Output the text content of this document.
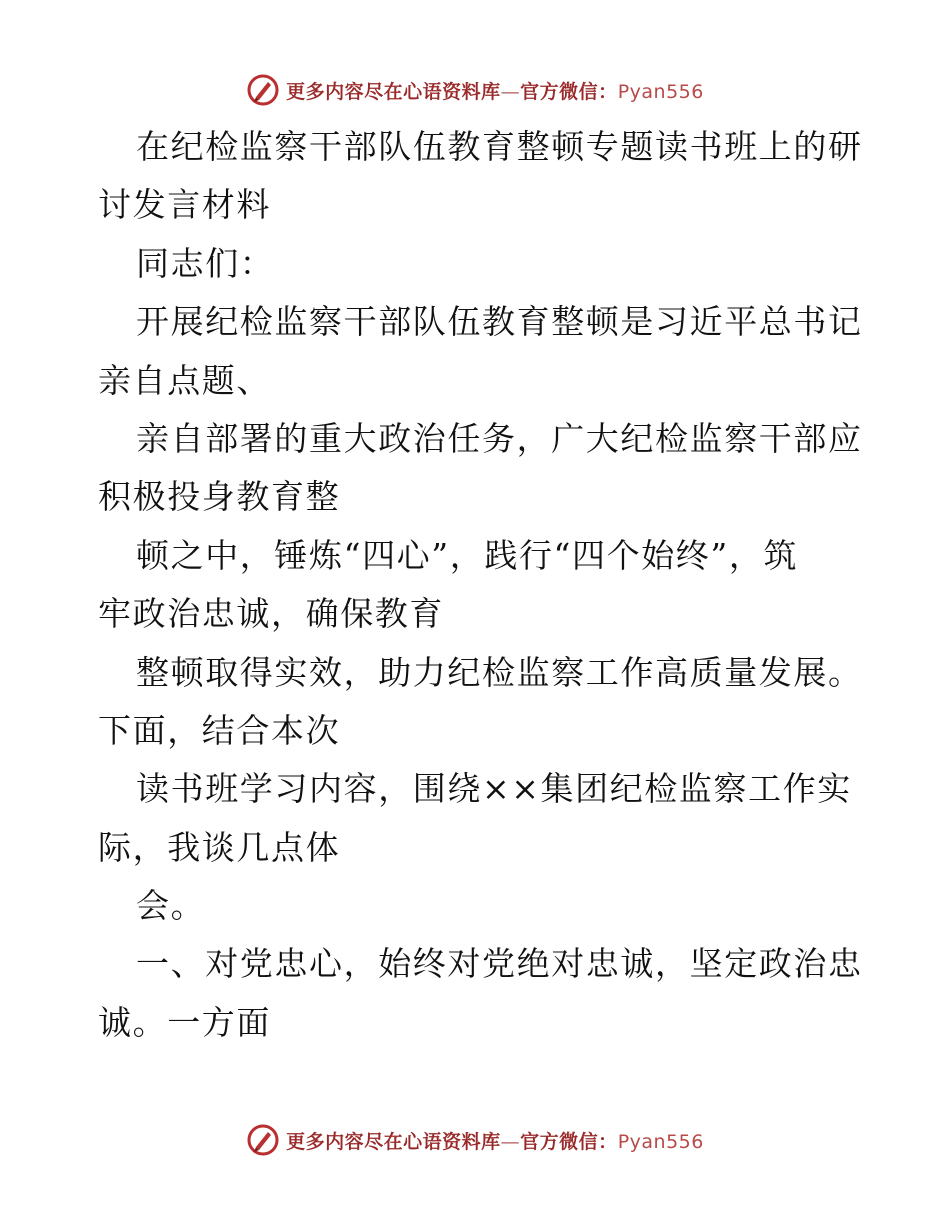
更多内容尽在心语资料库—官方微信：Pyan556
在纪检监察干部队伍教育整顿专题读书班上的研
讨发言材料
同志们：
开展纪检监察干部队伍教育整顿是习近平总书记
亲自点题、
亲自部署的重大政治任务，广大纪检监察干部应
积极投身教育整
顿之中，锤炼“四心”，践行“四个始终”，筑
牢政治忠诚，确保教育
整顿取得实效，助力纪检监察工作高质量发展。
下面，结合本次
读书班学习内容，围绕××集团纪检监察工作实
际，我谈几点体
会。
一、对党忠心，始终对党绝对忠诚，坚定政治忠
诚。一方面
更多内容尽在心语资料库—官方微信：Pyan556
